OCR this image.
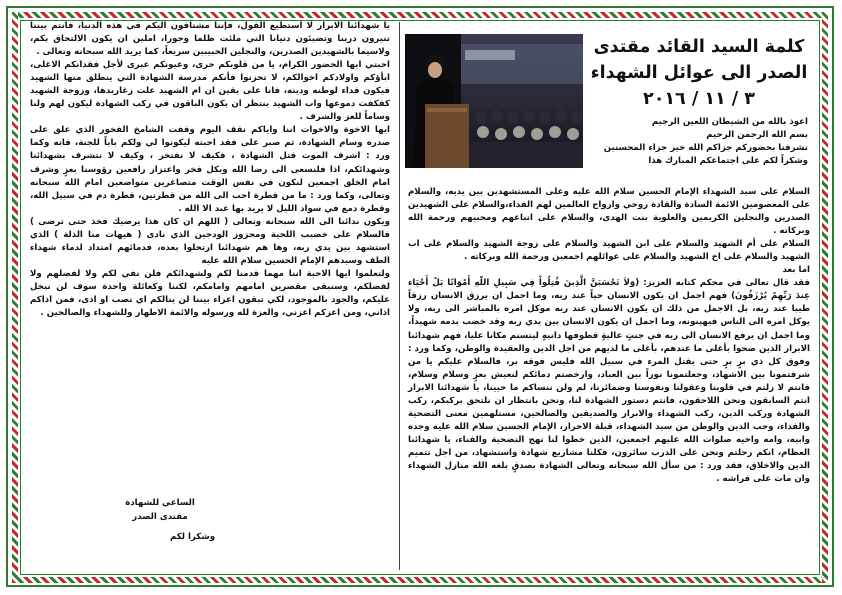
كلمة السيد القائد مقتدى
الصدر الى عوائل الشهداء
٣ / ١١ / ٢٠١٦
اعوذ بالله من الشيطان اللعين الرجيم
بسم الله الرحمن الرحيم
تشرفنا بحضوركم جزاكم الله خير جزاء المحسنين
وشكراً لكم على اجتماعكم المبارك هذا

السلام على سيد الشهداء الإمام الحسين سلام الله عليه وعلى المستشهدين بين يديه، والسلام على المعصومين الائمة السادة والقادة روحي وارواح العالمين لهم الفداء،والسلام على الشهيدين الصدرين والنجلين الكريمين والعلوية بنت الهدى، والسلام على اتباعهم ومحبيهم ورحمة الله وبركاته .

السلام على أم الشهيد والسلام على ابن الشهيد والسلام على زوجة الشهيد والسلام على اب الشهيد والسلام على اخ الشهيد والسلام على عوائلهم اجمعين ورحمة الله وبركاته .

اما بعد

فقد قال تعالى في محكم كتابه العزيز: (وَلاَ تَحْسَبَنَّ الَّذِينَ قُتِلُواْ فِي سَبِيلِ اللّهِ أَمْوَاتًا بَلْ أَحْيَاء عِندَ رَبِّهِمْ يُرْزَقُونَ) فهم اجمل ان يكون الانسان حياً عند ربه، وما اجمل ان يرزق الانسان رزقاً طيبا عند ربه، بل الاجمل من ذلك ان يكون الانسان عند ربه موكل امره بالمباشر الى ربه، ولا يوكل امره الى الناس فيهينونه، وما اجمل ان يكون الانسان بين يدي ربه وقد خضب بدمه شهيداً، وما اجمل ان يرفع الانسان الى ربه في جنتٍ عاليةٍ قطوفها دانيهٍ ليتسنم مكانا عليا، فهم شهدائنا الابرار الذين ضحوا بأغلى ما عندهم، بأغلى ما لديهم من اجل الدين والعقيدة والوطن، وكما ورد : وفوق كل ذي برٍ برٍ حتى يقتل المرء في سبيل الله فليس فوقه بر، فالسلام عليكم يا من شرفتمونا بين الاشهاد، وجعلتمونا نوراً بين العباد، وارخصتم دمائكم لنعيش بعزٍ وسلام وسلام، فانتم لا زلتم في قلوبنا وعقولنا ونفوسنا وضمائرنا، لم ولن ننساكم ما حيينا، يا شهدائنا الابرار انتم السابقون ونحن اللاحقون، فانتم دستور الشهادة لنا، ونحن بانتظار ان نلتحق بركبكم، ركب الشهادة وركب الدين، ركب الشهداء والابرار والصديقين والصالحين، مستلهمين معنى التضحية والفداء، وحب الدين والوطن من سيد الشهداء، قبلة الاحرار، الإمام الحسين سلام الله عليه وجده وابيه، وامه واخيه صلوات الله عليهم اجمعين، الذين خطوا لنا نهج التضحية والفناء، يا شهدائنا العظام، انكم رحلتم ونحن على الدرب سائرون، فكلنا مشاريع شهادة واستشهاد، من اجل تتميم الدين والاخلاق، فقد ورد : من سأل الله سبحانه وتعالى الشهادة بصدقٍ بلغه الله منازل الشهداء وان مات على فراشه .

يا شهدائنا الابرار لا استطيع القول، فإننا مشتاقون اليكم في هذه الدنيا، فانتم بيننا تنيرون دربنا وتضيئون دنيانا التي ملئت ظلما وجورا، املين ان يكون الالتحاق بكم، ولاسيما بالشهيدين الصدرين، والنجلين الحبيبين سريعاً، كما يريد الله سبحانه وتعالى .

احبتي ايها الحضور الكرام، يا من قلوبكم حرى، وعيونكم عبرى لأجل فقدانكم الاغلى، ابأؤكم واولادكم اخوالكم، لا تحزنوا فأنكم مدرسة الشهادة التي ينطلق منها الشهيد فيكون فداء لوطنه ودينه، فانا على يقين ان ام الشهيد علت زغاريدها، وزوجة الشهيد كفكفت دموعها واب الشهيد ينتظر ان يكون الباقون في ركب الشهادة ليكون لهم ولنا وساماً للعز والشرف .

ايها الاخوة والاخوات اننا واياكم نقف اليوم وقفت الشامخ الفخور الذي علق على صدره وسام الشهادة، ثم صبر على فقد احبته ليكونوا لي ولكم باباً للجنة، فانه وكما ورد : اشرف الموت قتل الشهادة ، فكيف لا نفتخر ، وكيف لا نتشرف بشهدائنا وشهدائكم، اذا فلنسعى الى رضا الله وبكل فخر واعتزاز رافعين رؤوسنا بعزٍ وشرف امام الخلق اجمعين لنكون في نفس الوقت متصاغرين متواضعين امام الله سبحانه وتعالى، وكما ورد : ما من قطرة احب الى الله من قطرتين، قطرة دم في سبيل الله، وقطرة دمع في سواد الليل لا يريد بها عبد الا الله .

ويكون ندائنا الى الله سبحانه وتعالى ( اللهم ان كان هذا يرضيك فخذ حتى ترضى ) فالسلام على خضيب اللحية ومحزوز الودجين الذي نادى ( هيهات منا الذلة ) الذي استشهد بين يدي ربه، وها هم شهدائنا ارتحلوا بعده، فدمائهم امتداد لدماء شهداء الطف وسيدهم الإمام الحسين سلام الله عليه

ولتعلموا ايها الاحبة اننا مهما قدمنا لكم ولشهدائكم فلن نفي لكم ولا لفضلهم ولا لفضلكم، وسنبقى مقصرين امامهم وامامكم، لكننا وكعائلة واحدة سوف لن نبخل عليكم، والجود بالموجود، لكي تبقون اعزاء بيننا لن ينالكم اي نصب او اذى، فمن اذاكم اذاني، ومن اعزكم اعزني، والعزة لله ورسوله والائمة الاطهار وللشهداء والصالحين .

الساعي للشهادة
مقتدى الصدر
وشكرا لكم
